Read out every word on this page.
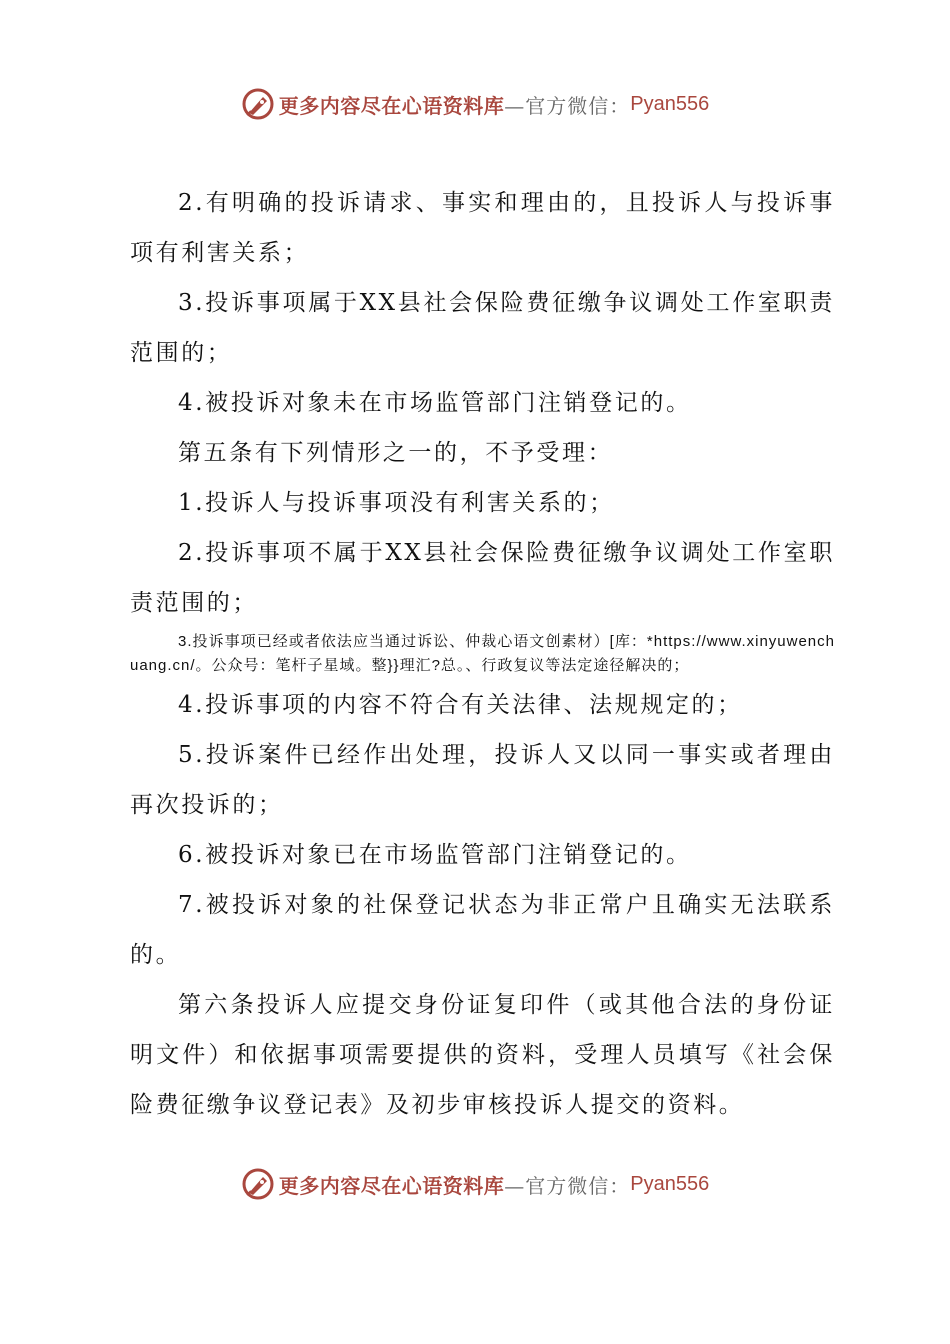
更多内容尽在心语资料库 —官方微信： Pyan556

2.有明确的投诉请求、事实和理由的，且投诉人与投诉事项有利害关系；

3.投诉事项属于XX县社会保险费征缴争议调处工作室职责范围的；

4.被投诉对象未在市场监管部门注销登记的。

第五条有下列情形之一的，不予受理：

1.投诉人与投诉事项没有利害关系的；

2.投诉事项不属于XX县社会保险费征缴争议调处工作室职责范围的；

3.投诉事项已经或者依法应当通过诉讼、仲裁心语文创素材）[库：*https://www.xinyuwenchuang.cn/。公众号：笔杆子星域。整}}理汇?总。、行政复议等法定途径解决的；

4.投诉事项的内容不符合有关法律、法规规定的；

5.投诉案件已经作出处理，投诉人又以同一事实或者理由再次投诉的；

6.被投诉对象已在市场监管部门注销登记的。

7.被投诉对象的社保登记状态为非正常户且确实无法联系的。

第六条投诉人应提交身份证复印件（或其他合法的身份证明文件）和依据事项需要提供的资料，受理人员填写《社会保险费征缴争议登记表》及初步审核投诉人提交的资料。

更多内容尽在心语资料库 —官方微信： Pyan556
